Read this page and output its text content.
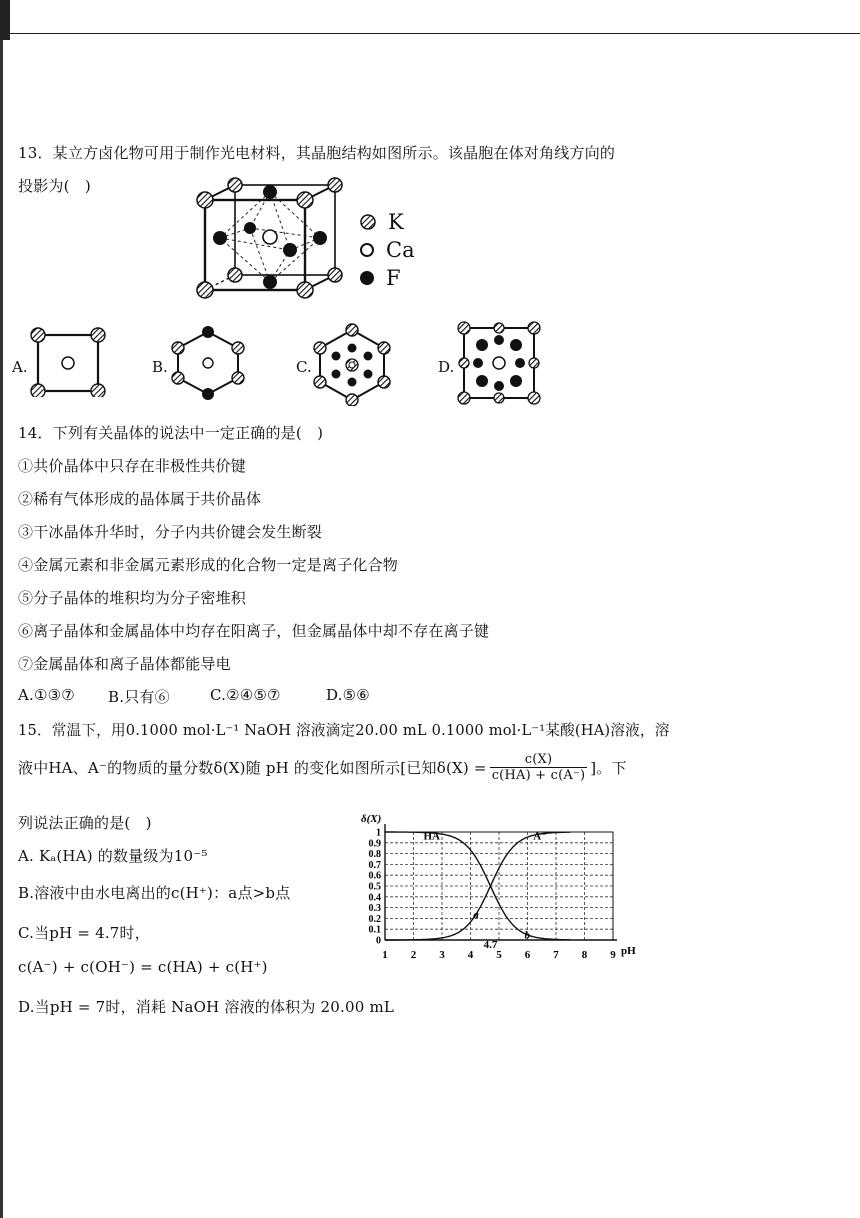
13．某立方卤化物可用于制作光电材料，其晶胞结构如图所示。该晶胞在体对角线方向的
投影为(　)
K
Ca
F
A.	B.	C.	D.
14．下列有关晶体的说法中一定正确的是(　)
①共价晶体中只存在非极性共价键
②稀有气体形成的晶体属于共价晶体
③干冰晶体升华时，分子内共价键会发生断裂
④金属元素和非金属元素形成的化合物一定是离子化合物
⑤分子晶体的堆积均为分子密堆积
⑥离子晶体和金属晶体中均存在阳离子，但金属晶体中却不存在离子键
⑦金属晶体和离子晶体都能导电
A.①③⑦ B.只有⑥	C.②④⑤⑦	D.⑤⑥
15．常温下，用0.1000 mol·L⁻¹ NaOH 溶液滴定20.00 mL 0.1000 mol·L⁻¹某酸(HA)溶液，溶
液中HA、A⁻的物质的量分数δ(X)随 pH 的变化如图所示[已知$\delta(X) = \frac{c(X)}{c(HA) + c(A^-)}$ ]。下
列说法正确的是(　)
A. Kₐ(HA) 的数量级为10⁻⁵
B.溶液中由水电离出的c(H⁺)：a点>b点
C.当pH = 4.7时，
c(A⁻) + c(OH⁻) = c(HA) + c(H⁺)
D.当pH = 7时，消耗 NaOH 溶液的体积为 20.00 mL
0
0.1
0.2
0.3
0.4
0.5
0.6
0.7
0.8
0.9
1
1 2 3 4
4.7
5 6 7 8 9
δ(X)
pH
HA	A⁻
a
b
